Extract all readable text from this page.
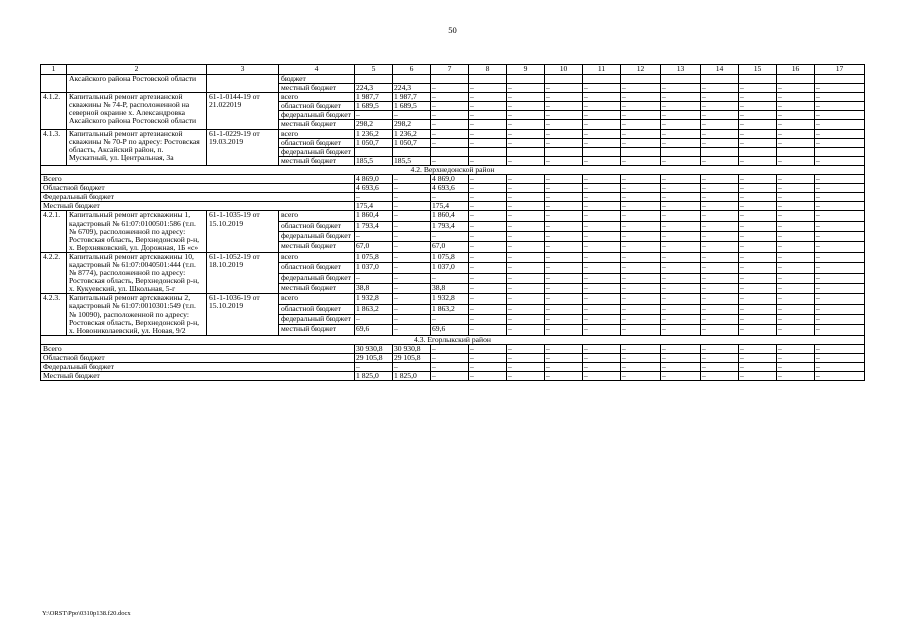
50
1	2	3	4	5	6	7	8	9	10	11	12	13	14	15	16	17
	Аксайского района Ростовской области		бюджет													
			местный бюджет	224,3	224,3	–	–	–	–	–	–	–	–	–	–	–
4.1.2.	Капитальный ремонт артезианской скважины № 74-Р, расположенной на северной окраине х. Александровка Аксайского района Ростовской области	61-1-0144-19 от 21.022019	всего	1 987,7	1 987,7	–	–	–	–	–	–	–	–	–	–	–
			областной бюджет	1 689,5	1 689,5	–	–	–	–	–	–	–	–	–	–	–
			федеральный бюджет	–	–	–	–	–	–	–	–	–	–	–	–	–
			местный бюджет	298,2	298,2	–	–	–	–	–	–	–	–	–	–	–
4.1.3.	Капитальный ремонт артезианской скважины № 70-Р по адресу: Ростовская область, Аксайский район, п. Мускатный, ул. Центральная, 3а	61-1-0229-19 от 19.03.2019	всего	1 236,2	1 236,2	–	–	–	–	–	–	–	–	–	–	–
			областной бюджет	1 050,7	1 050,7	–	–	–	–	–	–	–	–	–	–	–
			федеральный бюджет													
			местный бюджет	185,5	185,5	–	–	–	–	–	–	–	–	–	–	–
4.2. Верхнедонской район																
Всего				4 869,0	–	4 869,0	–	–	–	–	–	–	–	–	–	–
Областной бюджет				4 693,6	–	4 693,6	–	–	–	–	–	–	–	–	–	–
Федеральный бюджет				–	–	–	–	–	–	–	–	–	–	–	–	–
Местный бюджет				175,4	–	175,4	–	–	–	–	–	–	–	–	–	–
4.2.1.	Капитальный ремонт артскважины 1, кадастровый № 61:07:0100501:586 (т.п. № 6709), расположенной по адресу: Ростовская область, Верхнедонской р-н, х. Верхняковский, ул. Дорожная, 1Б «с»	61-1-1035-19 от 15.10.2019	всего	1 860,4	–	1 860,4	–	–	–	–	–	–	–	–	–	–
			областной бюджет	1 793,4	–	1 793,4	–	–	–	–	–	–	–	–	–	–
			федеральный бюджет	–	–	–	–	–	–	–	–	–	–	–	–	–
			местный бюджет	67,0	–	67,0	–	–	–	–	–	–	–	–	–	–
4.2.2.	Капитальный ремонт артскважины 10, кадастровый № 61:07:0040501:444 (т.п. № 8774), расположенной по адресу: Ростовская область, Верхнедонской р-н, х. Кукуевский, ул. Школьная, 5-г	61-1-1052-19 от 18.10.2019	всего	1 075,8	–	1 075,8	–	–	–	–	–	–	–	–	–	–
			областной бюджет	1 037,0	–	1 037,0	–	–	–	–	–	–	–	–	–	–
			федеральный бюджет	–	–	–	–	–	–	–	–	–	–	–	–	–
			местный бюджет	38,8	–	38,8	–	–	–	–	–	–	–	–	–	–
4.2.3.	Капитальный ремонт артскважины 2, кадастровый № 61:07:0010301:549 (т.п. № 10090), расположенной по адресу: Ростовская область, Верхнедонской р-н, х. Новониколаевский, ул. Новая, 9/2	61-1-1036-19 от 15.10.2019	всего	1 932,8	–	1 932,8	–	–	–	–	–	–	–	–	–	–
			областной бюджет	1 863,2	–	1 863,2	–	–	–	–	–	–	–	–	–	–
			федеральный бюджет	–	–	–	–	–	–	–	–	–	–	–	–	–
			местный бюджет	69,6	–	69,6	–	–	–	–	–	–	–	–	–	–
4.3. Егорлыкский район																
Всего				30 930,8	30 930,8	–	–	–	–	–	–	–	–	–	–	–
Областной бюджет				29 105,8	29 105,8	–	–	–	–	–	–	–	–	–	–	–
Федеральный бюджет				–	–	–	–	–	–	–	–	–	–	–	–	–
Местный бюджет				1 825,0	1 825,0	–	–	–	–	–	–	–	–	–	–	–
Y:\ORST\Ppo\0310p138.f20.docx
